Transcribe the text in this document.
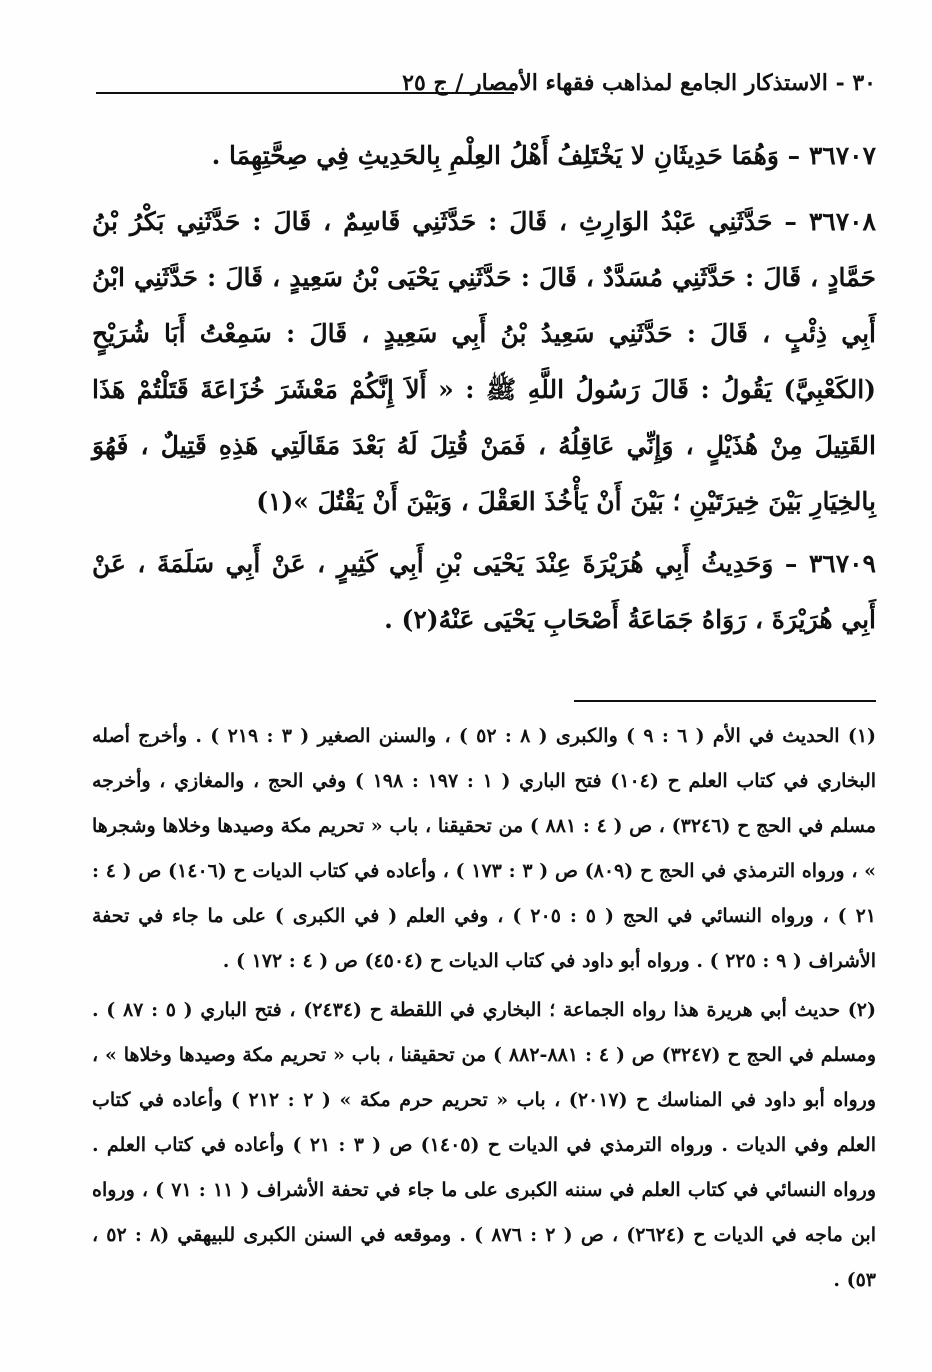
٣٠ - الاستذكار الجامع لمذاهب فقهاء الأمصار / ج ٢٥

٣٦٧٠٧ – وَهُمَا حَدِيثَانِ لا يَخْتَلِفُ أَهْلُ العِلْمِ بِالحَدِيثِ فِي صِحَّتِهِمَا .

٣٦٧٠٨ – حَدَّثَنِي عَبْدُ الوَارِثِ ، قَالَ : حَدَّثَنِي قَاسِمٌ ، قَالَ : حَدَّثَنِي بَكْرُ بْنُ حَمَّادٍ ، قَالَ : حَدَّثَنِي مُسَدَّدٌ ، قَالَ : حَدَّثَنِي يَحْيَى بْنُ سَعِيدٍ ، قَالَ : حَدَّثَنِي ابْنُ أَبِي ذِئْبٍ ، قَالَ : حَدَّثَنِي سَعِيدُ بْنُ أَبِي سَعِيدٍ ، قَالَ : سَمِعْتُ أَبَا شُرَيْحٍ (الكَعْبِيَّ) يَقُولُ : قَالَ رَسُولُ اللَّهِ ﷺ : « أَلاَ إِنَّكُمْ مَعْشَرَ خُزَاعَةَ قَتَلْتُمْ هَذَا القَتِيلَ مِنْ هُذَيْلٍ ، وَإِنِّي عَاقِلُهُ ، فَمَنْ قُتِلَ لَهُ بَعْدَ مَقَالَتِي هَذِهِ قَتِيلٌ ، فَهُوَ بِالخِيَارِ بَيْنَ خِيرَتَيْنِ ؛ بَيْنَ أَنْ يَأْخُذَ العَقْلَ ، وَبَيْنَ أَنْ يَقْتُلَ »(١)

٣٦٧٠٩ – وَحَدِيثُ أَبِي هُرَيْرَةَ عِنْدَ يَحْيَى بْنِ أَبِي كَثِيرٍ ، عَنْ أَبِي سَلَمَةَ ، عَنْ أَبِي هُرَيْرَةَ ، رَوَاهُ جَمَاعَةُ أَصْحَابِ يَحْيَى عَنْهُ(٢) .

(١) الحديث في الأم ( ٦ : ٩ ) والكبرى ( ٨ : ٥٢ ) ، والسنن الصغير ( ٣ : ٢١٩ ) . وأخرج أصله البخاري في كتاب العلم ح (١٠٤) فتح الباري ( ١ : ١٩٧ : ١٩٨ ) وفي الحج ، والمغازي ، وأخرجه مسلم في الحج ح (٣٢٤٦) ، ص ( ٤ : ٨٨١ ) من تحقيقنا ، باب « تحريم مكة وصيدها وخلاها وشجرها » ، ورواه الترمذي في الحج ح (٨٠٩) ص ( ٣ : ١٧٣ ) ، وأعاده في كتاب الديات ح (١٤٠٦) ص ( ٤ : ٢١ ) ، ورواه النسائي في الحج ( ٥ : ٢٠٥ ) ، وفي العلم ( في الكبرى ) على ما جاء في تحفة الأشراف ( ٩ : ٢٢٥ ) . ورواه أبو داود في كتاب الديات ح (٤٥٠٤) ص ( ٤ : ١٧٢ ) .

(٢) حديث أبي هريرة هذا رواه الجماعة ؛ البخاري في اللقطة ح (٢٤٣٤) ، فتح الباري ( ٥ : ٨٧ ) . ومسلم في الحج ح (٣٢٤٧) ص ( ٤ : ٨٨١-٨٨٢ ) من تحقيقنا ، باب « تحريم مكة وصيدها وخلاها » ، ورواه أبو داود في المناسك ح (٢٠١٧) ، باب « تحريم حرم مكة » ( ٢ : ٢١٢ ) وأعاده في كتاب العلم وفي الديات . ورواه الترمذي في الديات ح (١٤٠٥) ص ( ٣ : ٢١ ) وأعاده في كتاب العلم . ورواه النسائي في كتاب العلم في سننه الكبرى على ما جاء في تحفة الأشراف ( ١١ : ٧١ ) ، ورواه ابن ماجه في الديات ح (٢٦٢٤) ، ص ( ٢ : ٨٧٦ ) . وموقعه في السنن الكبرى للبيهقي (٨ : ٥٢ ، ٥٣) .
